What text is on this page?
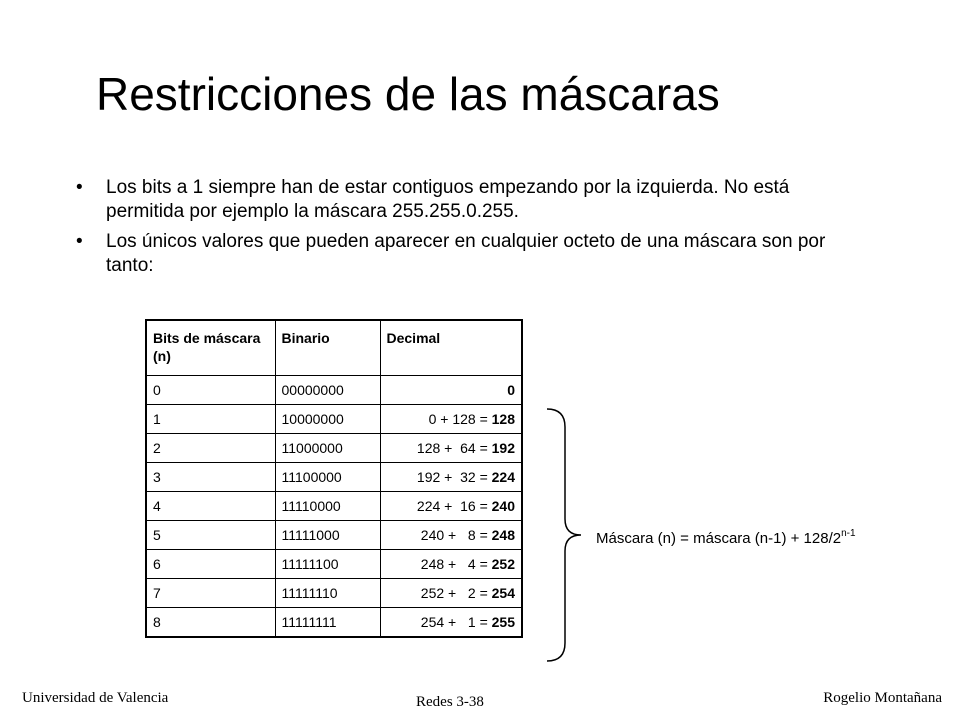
Restricciones de las máscaras
• Los bits a 1 siempre han de estar contiguos empezando por la izquierda. No está permitida por ejemplo la máscara 255.255.0.255.
• Los únicos valores que pueden aparecer en cualquier octeto de una máscara son por tanto:
Bits de máscara (n)	Binario	Decimal
0	00000000	0
1	10000000	0 + 128 = 128
2	11000000	128 +  64 = 192
3	11100000	192 +  32 = 224
4	11110000	224 +  16 = 240
5	11111000	240 +   8 = 248
6	11111100	248 +   4 = 252
7	11111110	252 +   2 = 254
8	11111111	254 +   1 = 255
Máscara (n) = máscara $(n-1) + 128/2^{n-1}$
Universidad de Valencia	Redes 3-38	Rogelio Montañana
